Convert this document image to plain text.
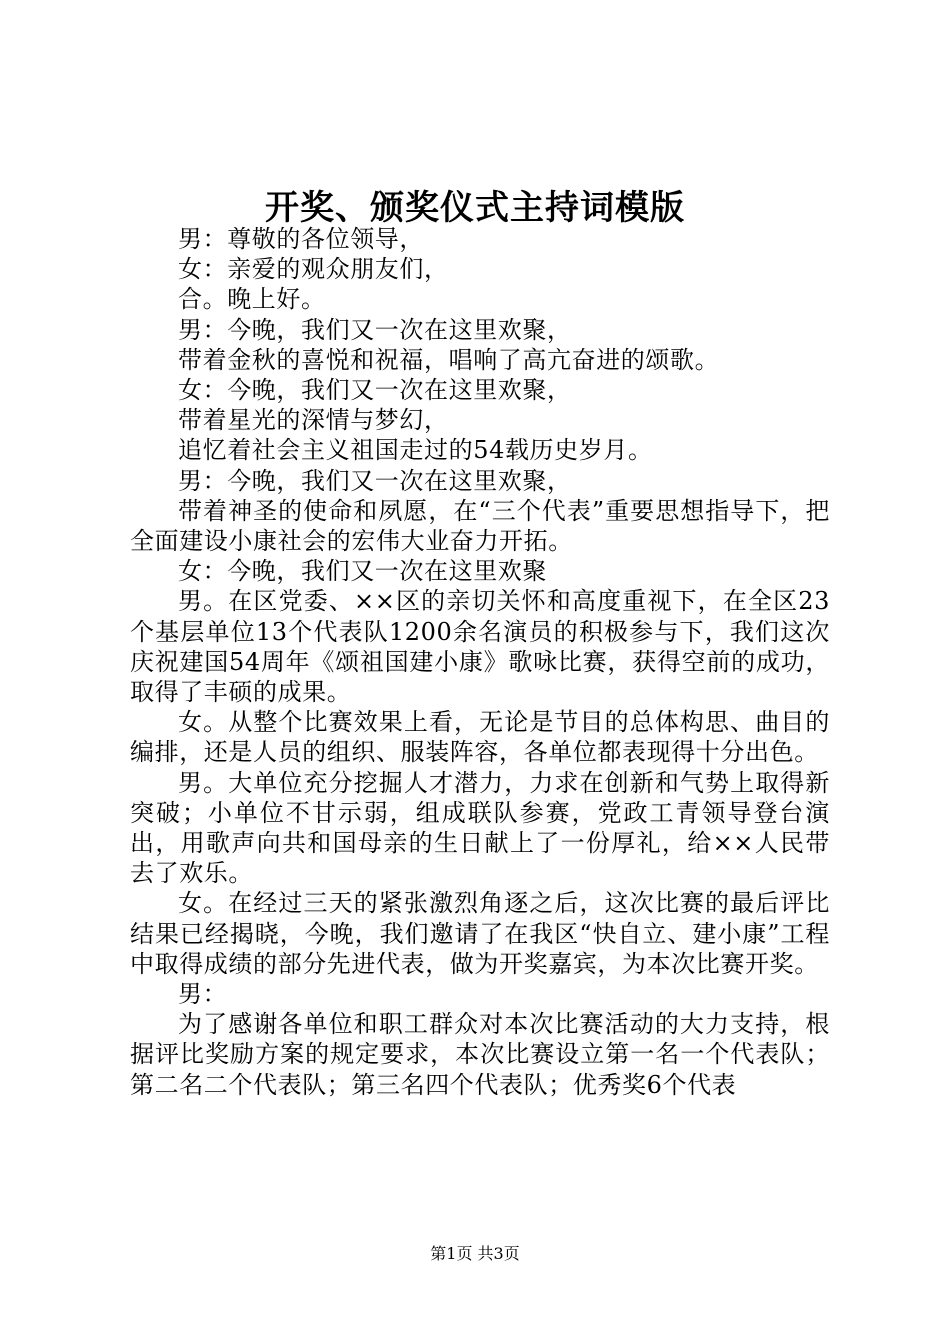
开奖、颁奖仪式主持词模版

男：尊敬的各位领导，

女：亲爱的观众朋友们，

合。晚上好。

男：今晚，我们又一次在这里欢聚，

带着金秋的喜悦和祝福，唱响了高亢奋进的颂歌。

女：今晚，我们又一次在这里欢聚，

带着星光的深情与梦幻，

追忆着社会主义祖国走过的54载历史岁月。

男：今晚，我们又一次在这里欢聚，

带着神圣的使命和夙愿，在“三个代表”重要思想指导下，把全面建设小康社会的宏伟大业奋力开拓。

女：今晚，我们又一次在这里欢聚

男。在区党委、××区的亲切关怀和高度重视下，在全区23个基层单位13个代表队1200余名演员的积极参与下，我们这次庆祝建国54周年《颂祖国建小康》歌咏比赛，获得空前的成功，取得了丰硕的成果。

女。从整个比赛效果上看，无论是节目的总体构思、曲目的编排，还是人员的组织、服装阵容，各单位都表现得十分出色。

男。大单位充分挖掘人才潜力，力求在创新和气势上取得新突破；小单位不甘示弱，组成联队参赛，党政工青领导登台演出，用歌声向共和国母亲的生日献上了一份厚礼，给××人民带去了欢乐。

女。在经过三天的紧张激烈角逐之后，这次比赛的最后评比结果已经揭晓，今晚，我们邀请了在我区“快自立、建小康”工程中取得成绩的部分先进代表，做为开奖嘉宾，为本次比赛开奖。

男：

为了感谢各单位和职工群众对本次比赛活动的大力支持，根据评比奖励方案的规定要求，本次比赛设立第一名一个代表队；第二名二个代表队；第三名四个代表队；优秀奖6个代表

第1页 共3页
